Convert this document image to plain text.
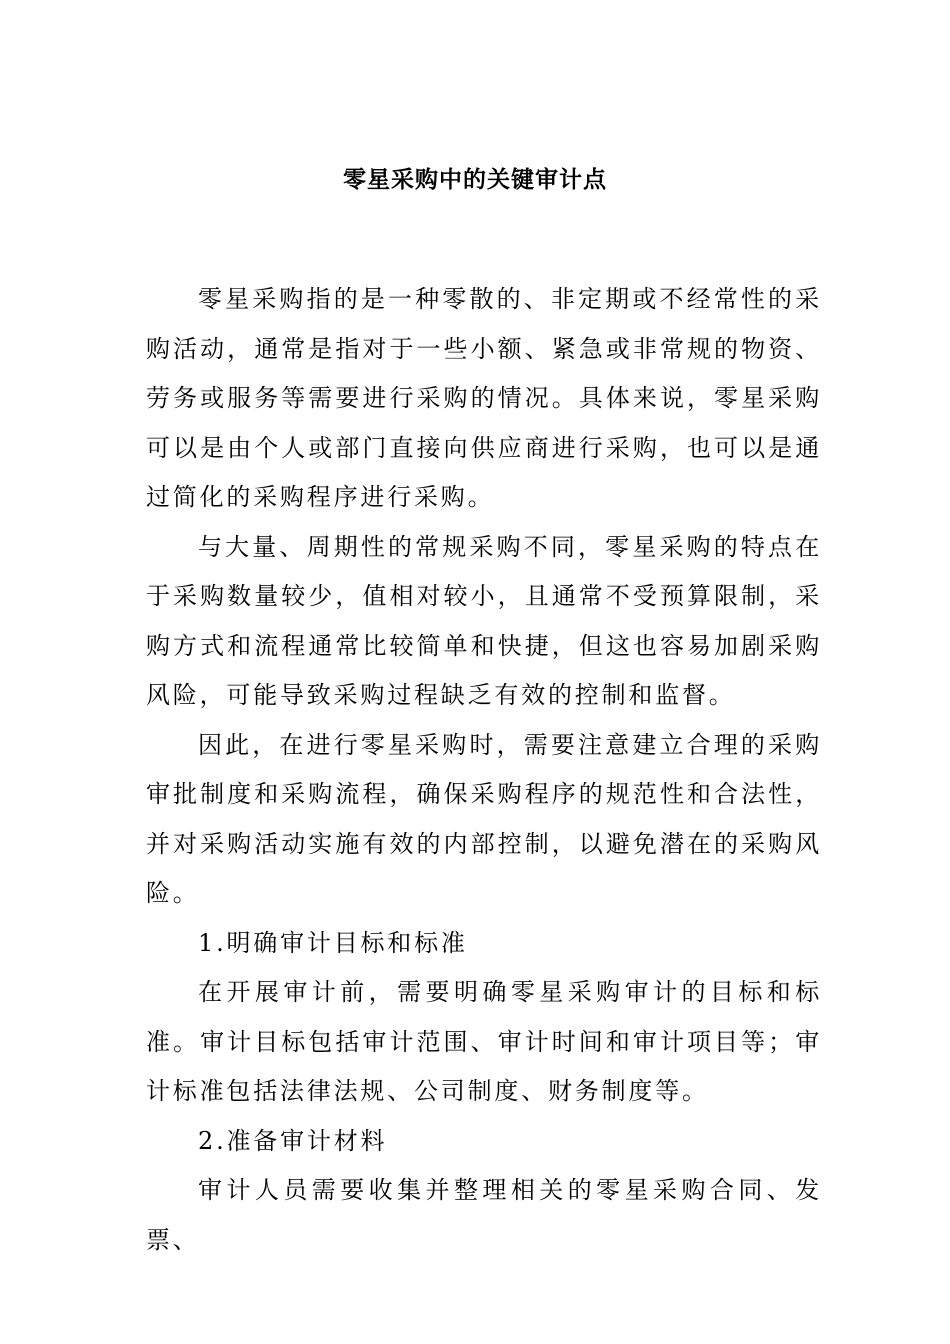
零星采购中的关键审计点

零星采购指的是一种零散的、非定期或不经常性的采购活动，通常是指对于一些小额、紧急或非常规的物资、劳务或服务等需要进行采购的情况。具体来说，零星采购可以是由个人或部门直接向供应商进行采购，也可以是通过简化的采购程序进行采购。

与大量、周期性的常规采购不同，零星采购的特点在于采购数量较少，值相对较小，且通常不受预算限制，采购方式和流程通常比较简单和快捷，但这也容易加剧采购风险，可能导致采购过程缺乏有效的控制和监督。

因此，在进行零星采购时，需要注意建立合理的采购审批制度和采购流程，确保采购程序的规范性和合法性，并对采购活动实施有效的内部控制，以避免潜在的采购风险。

1.明确审计目标和标准

在开展审计前，需要明确零星采购审计的目标和标准。审计目标包括审计范围、审计时间和审计项目等；审计标准包括法律法规、公司制度、财务制度等。

2.准备审计材料

审计人员需要收集并整理相关的零星采购合同、发票、
